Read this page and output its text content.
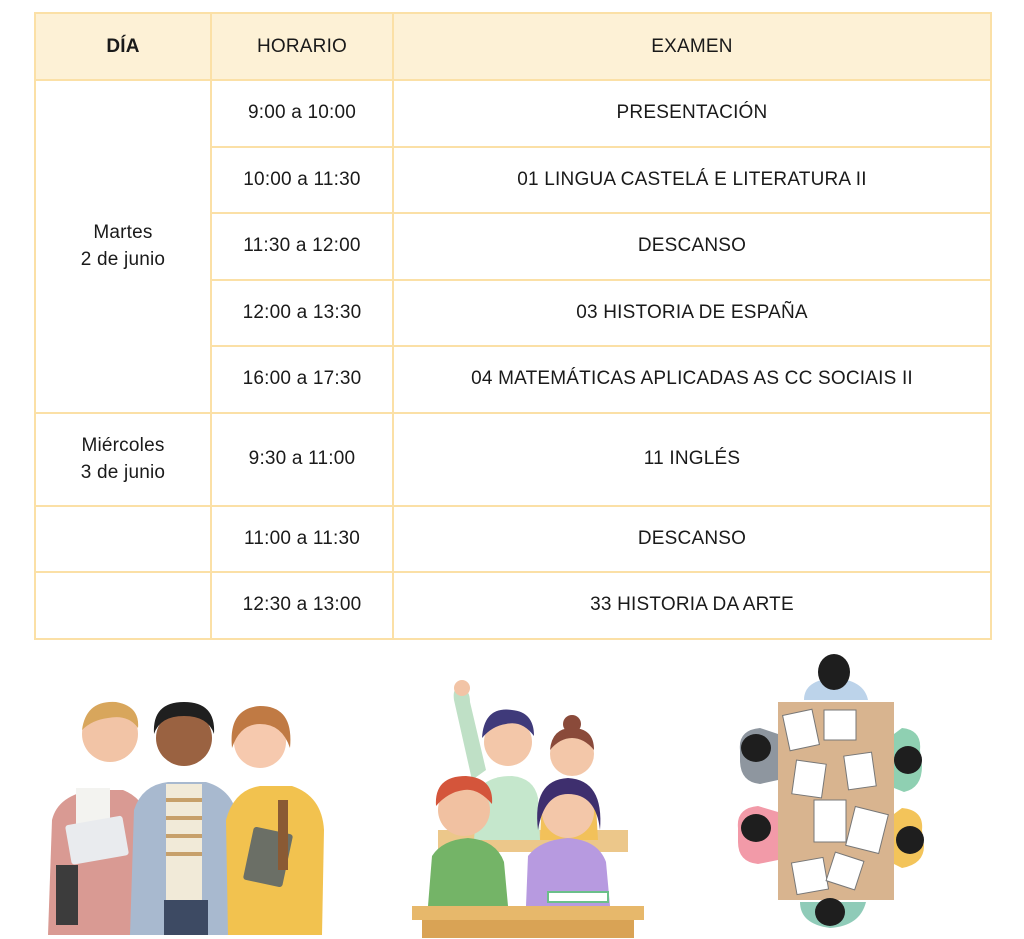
DÍA	HORARIO	EXAMEN

Martes
2 de junio	9:00 a 10:00	PRESENTACIÓN
	10:00 a 11:30	01 LINGUA CASTELÁ E LITERATURA II
	11:30 a 12:00	DESCANSO
	12:00 a 13:30	03 HISTORIA DE ESPAÑA
	16:00 a 17:30	04 MATEMÁTICAS APLICADAS AS CC SOCIAIS II

Miércoles
3 de junio	9:30 a 11:00	11 INGLÉS
	11:00 a 11:30	DESCANSO
	12:30 a 13:00	33 HISTORIA DA ARTE
